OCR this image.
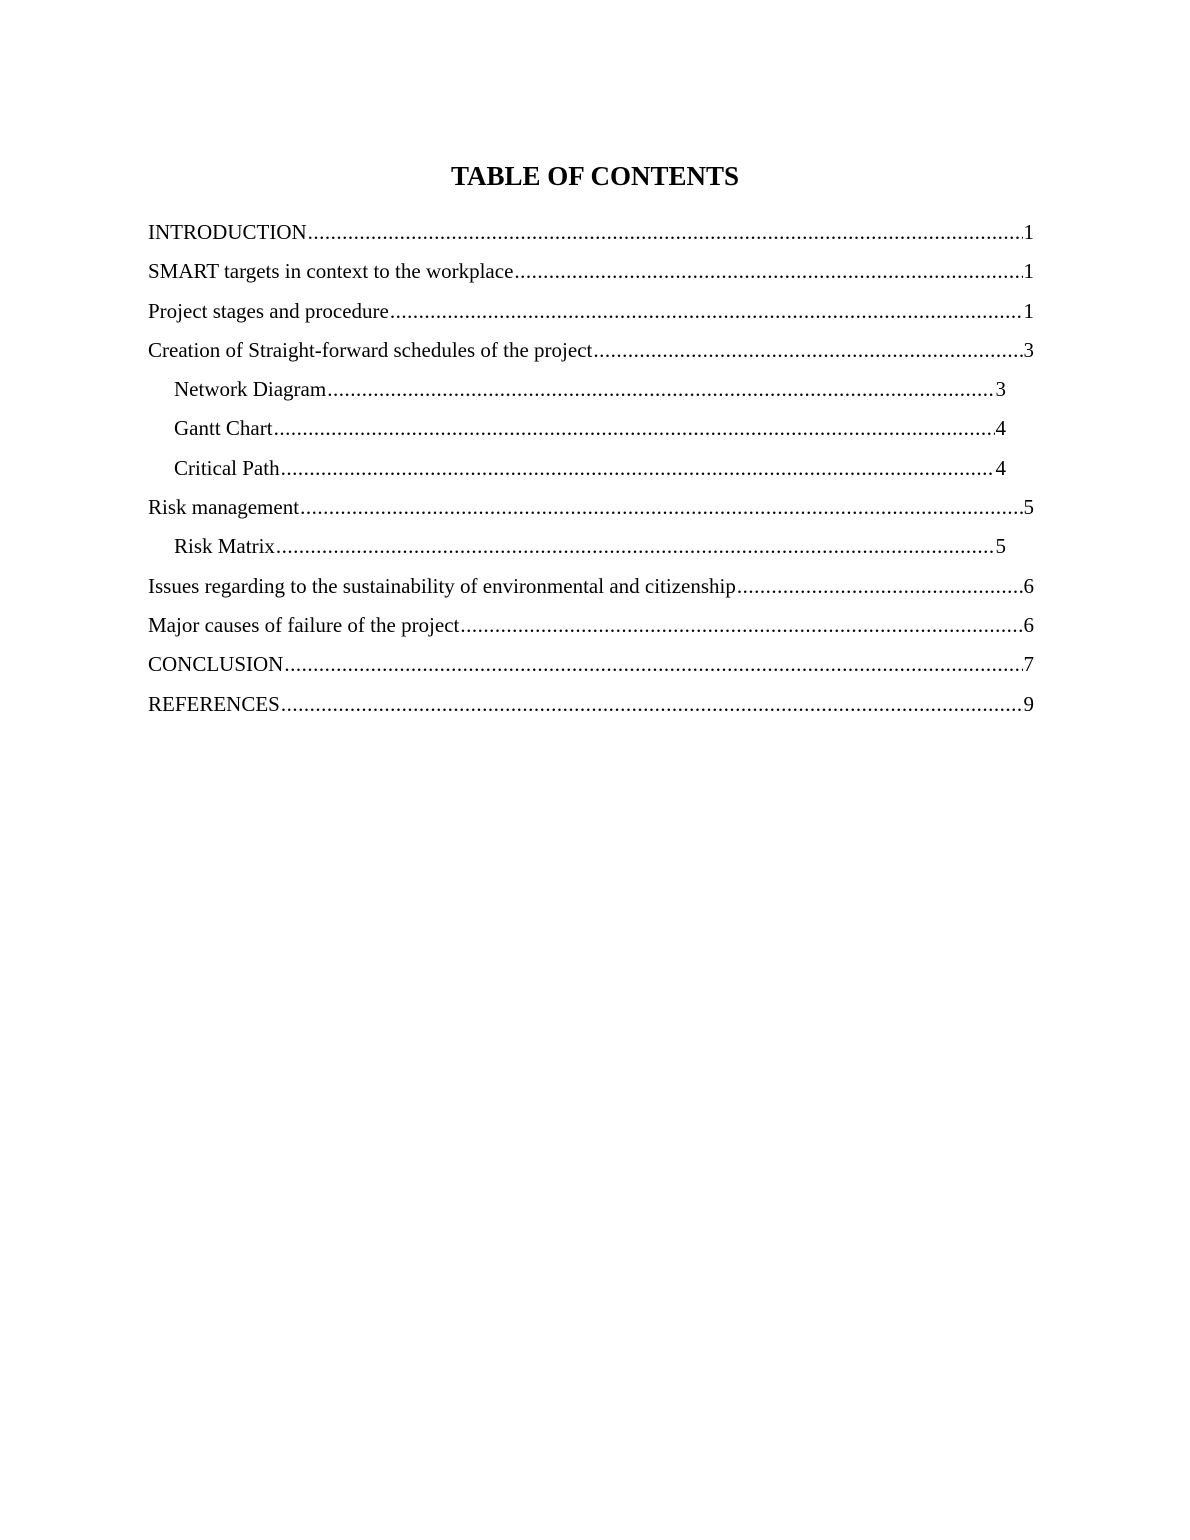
TABLE OF CONTENTS
INTRODUCTION .....	1
SMART targets in context to the workplace .....	1
Project stages and procedure .....	1
Creation of Straight-forward schedules of the project .....	3
Network Diagram .....	3
Gantt Chart .....	4
Critical Path .....	4
Risk management .....	5
Risk Matrix .....	5
Issues regarding to the sustainability of environmental and citizenship .....	6
Major causes of failure of the project .....	6
CONCLUSION .....	7
REFERENCES .....	9
